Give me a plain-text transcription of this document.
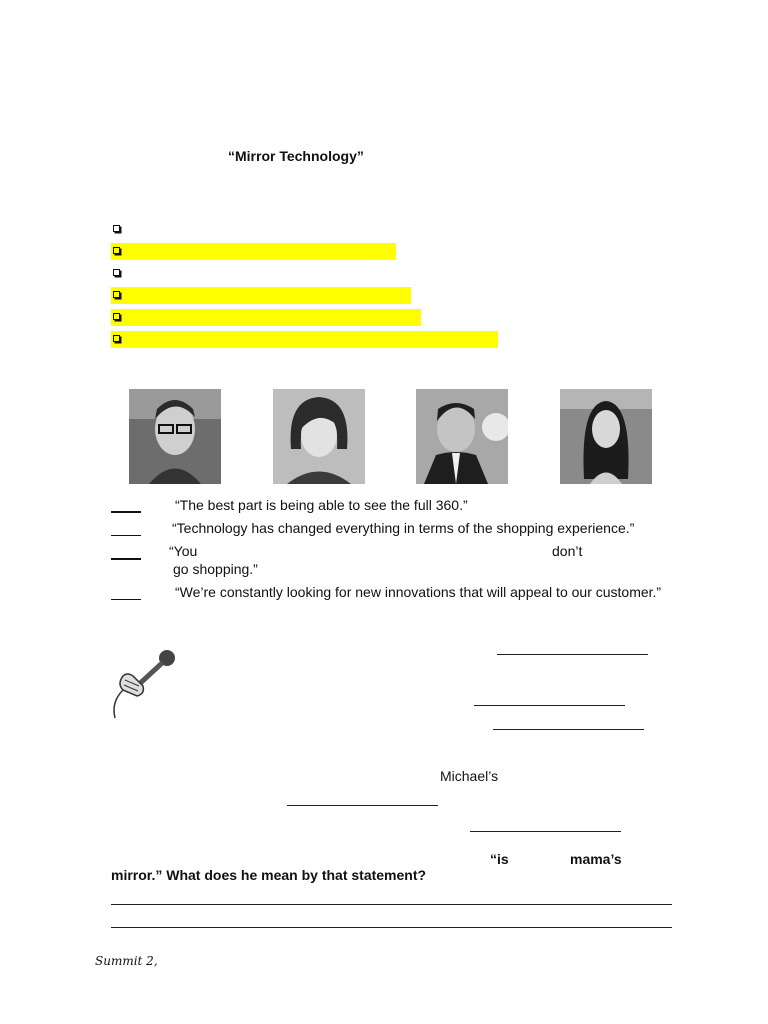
“Mirror Technology”
“The best part is being able to see the full 360.”
“Technology has changed everything in terms of the shopping experience.”
“You	don’t
go shopping.”
“We’re constantly looking for new innovations that will appeal to our customer.”
Michael’s
“is	mama’s
mirror.” What does he mean by that statement?
Summit 2,
